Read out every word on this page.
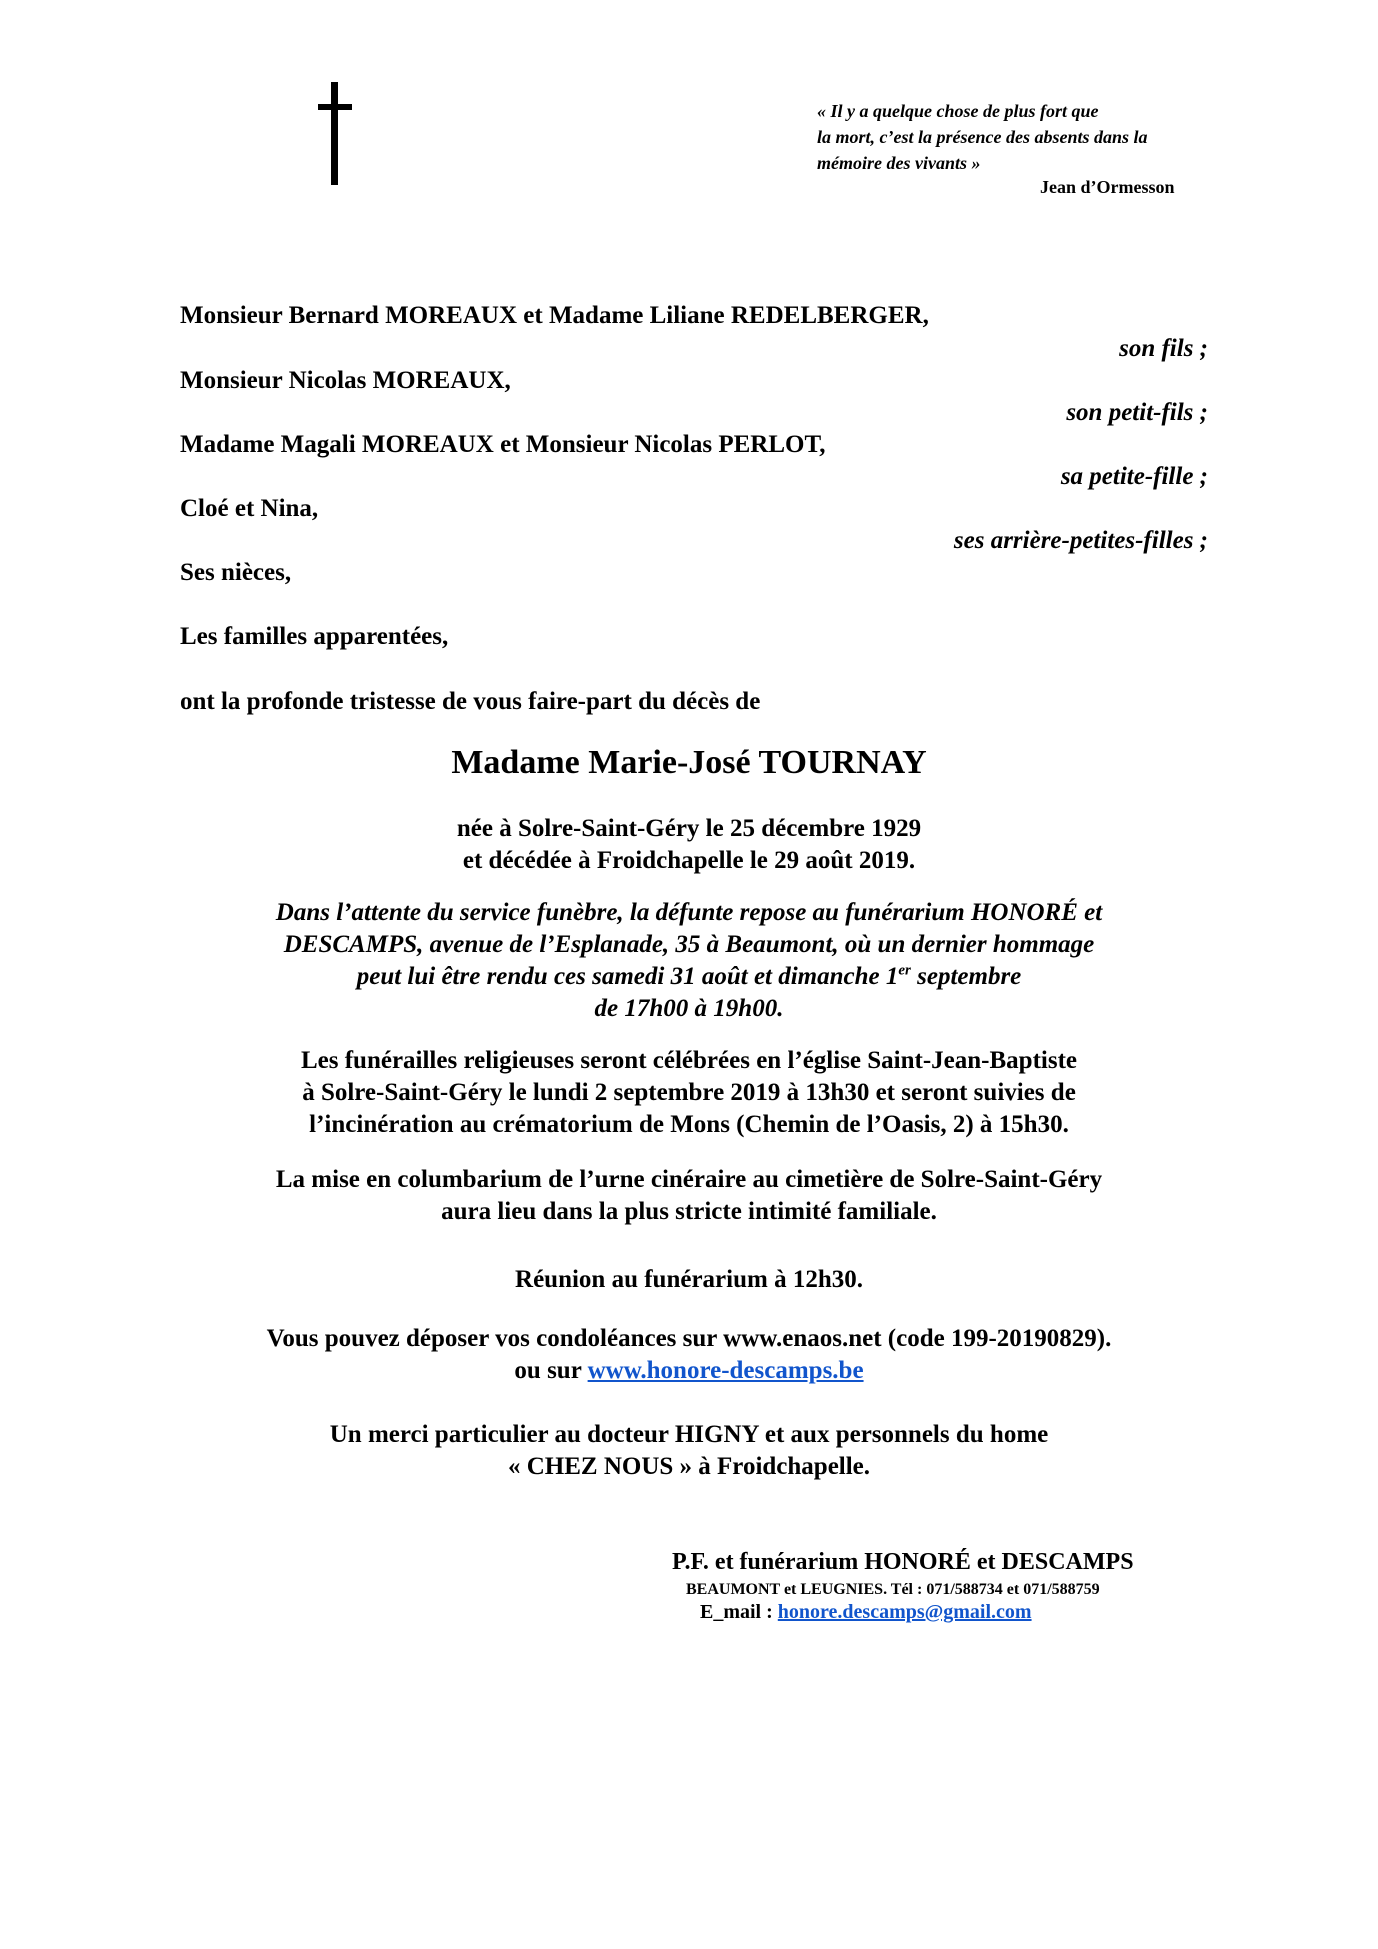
« Il y a quelque chose de plus fort que
la mort, c’est la présence des absents dans la
mémoire des vivants »
Jean d’Ormesson
Monsieur Bernard MOREAUX et Madame Liliane REDELBERGER,
son fils ;
Monsieur Nicolas MOREAUX,
son petit-fils ;
Madame Magali MOREAUX et Monsieur Nicolas PERLOT,
sa petite-fille ;
Cloé et Nina,
ses arrière-petites-filles ;
Ses nièces,
Les familles apparentées,
ont la profonde tristesse de vous faire-part du décès de
Madame Marie-José TOURNAY
née à Solre-Saint-Géry le 25 décembre 1929
et décédée à Froidchapelle le 29 août 2019.
Dans l’attente du service funèbre, la défunte repose au funérarium HONORÉ et
DESCAMPS, avenue de l’Esplanade, 35 à Beaumont, où un dernier hommage
peut lui être rendu ces samedi 31 août et dimanche 1er septembre
de 17h00 à 19h00.
Les funérailles religieuses seront célébrées en l’église Saint-Jean-Baptiste
à Solre-Saint-Géry le lundi 2 septembre 2019 à 13h30 et seront suivies de
l’incinération au crématorium de Mons (Chemin de l’Oasis, 2) à 15h30.
La mise en columbarium de l’urne cinéraire au cimetière de Solre-Saint-Géry
aura lieu dans la plus stricte intimité familiale.
Réunion au funérarium à 12h30.
Vous pouvez déposer vos condoléances sur www.enaos.net (code 199-20190829).
ou sur www.honore-descamps.be
Un merci particulier au docteur HIGNY et aux personnels du home
« CHEZ NOUS » à Froidchapelle.
P.F. et funérarium HONORÉ et DESCAMPS
BEAUMONT et LEUGNIES. Tél : 071/588734 et 071/588759
E_mail : honore.descamps@gmail.com
